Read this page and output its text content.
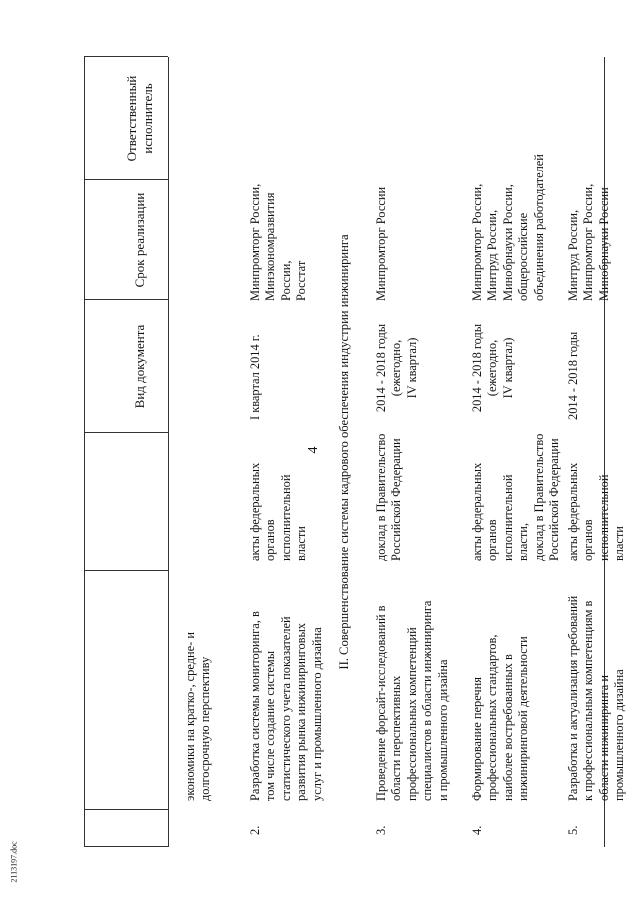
4
2113197.doc
Вид документа
Срок реализации
Ответственный
исполнитель
экономики на кратко-, средне- и
долгосрочную перспективу
2.
Разработка системы мониторинга, в
том числе создание системы
статистического учета показателей
развития рынка инжиниринговых
услуг и промышленного дизайна
акты федеральных
органов исполнительной
власти
I квартал 2014 г.
Минпромторг России,
Минэкономразвития
России,
Росстат II. Совершенствование системы кадрового обеспечения индустрии инжиниринга
3.
Проведение форсайт-исследований в
области перспективных
профессиональных компетенций
специалистов в области инжиниринга
и промышленного дизайна
доклад в Правительство
Российской Федерации
2014 - 2018 годы
(ежегодно,
IV квартал)
Минпромторг России
4.
Формирование перечня
профессиональных стандартов,
наиболее востребованных в
инжиниринговой деятельности
акты федеральных
органов исполнительной
власти,
доклад в Правительство
Российской Федерации
2014 - 2018 годы
(ежегодно,
IV квартал)
Минпромторг России,
Минтруд России,
Минобрнауки России,
общероссийские
объединения работодателей
5.
Разработка и актуализация требований
к профессиональным компетенциям в
области инжиниринга и
промышленного дизайна
акты федеральных
органов исполнительной
власти
2014 - 2018 годы
Минтруд России,
Минпромторг России,
Минобрнауки России
